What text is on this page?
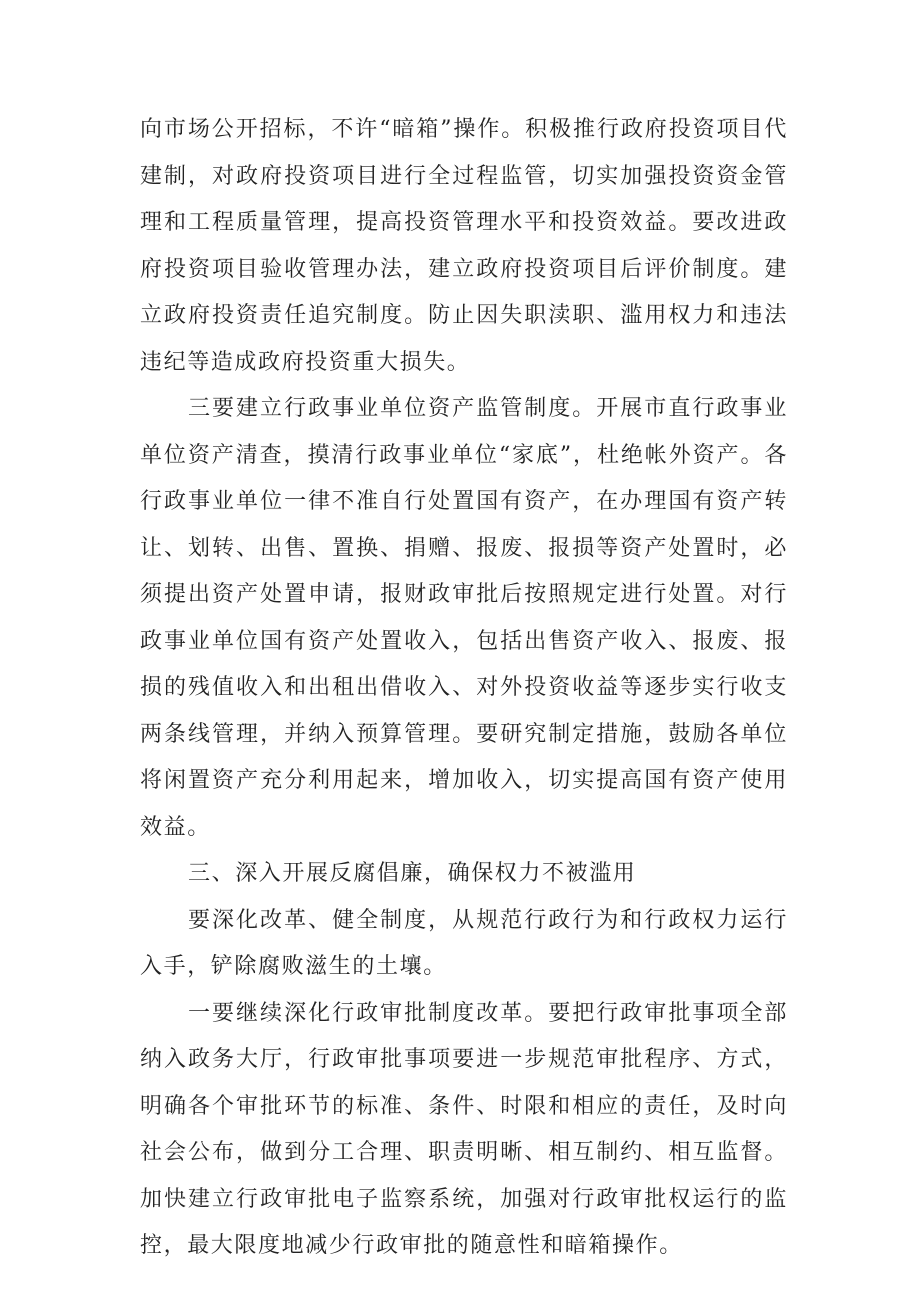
向市场公开招标，不许“暗箱”操作。积极推行政府投资项目代建制，对政府投资项目进行全过程监管，切实加强投资资金管理和工程质量管理，提高投资管理水平和投资效益。要改进政府投资项目验收管理办法，建立政府投资项目后评价制度。建立政府投资责任追究制度。防止因失职渎职、滥用权力和违法违纪等造成政府投资重大损失。

三要建立行政事业单位资产监管制度。开展市直行政事业单位资产清查，摸清行政事业单位“家底”，杜绝帐外资产。各行政事业单位一律不准自行处置国有资产，在办理国有资产转让、划转、出售、置换、捐赠、报废、报损等资产处置时，必须提出资产处置申请，报财政审批后按照规定进行处置。对行政事业单位国有资产处置收入，包括出售资产收入、报废、报损的残值收入和出租出借收入、对外投资收益等逐步实行收支两条线管理，并纳入预算管理。要研究制定措施，鼓励各单位将闲置资产充分利用起来，增加收入，切实提高国有资产使用效益。

三、深入开展反腐倡廉，确保权力不被滥用

要深化改革、健全制度，从规范行政行为和行政权力运行入手，铲除腐败滋生的土壤。

一要继续深化行政审批制度改革。要把行政审批事项全部纳入政务大厅，行政审批事项要进一步规范审批程序、方式，明确各个审批环节的标准、条件、时限和相应的责任，及时向社会公布，做到分工合理、职责明晰、相互制约、相互监督。加快建立行政审批电子监察系统，加强对行政审批权运行的监控，最大限度地减少行政审批的随意性和暗箱操作。
